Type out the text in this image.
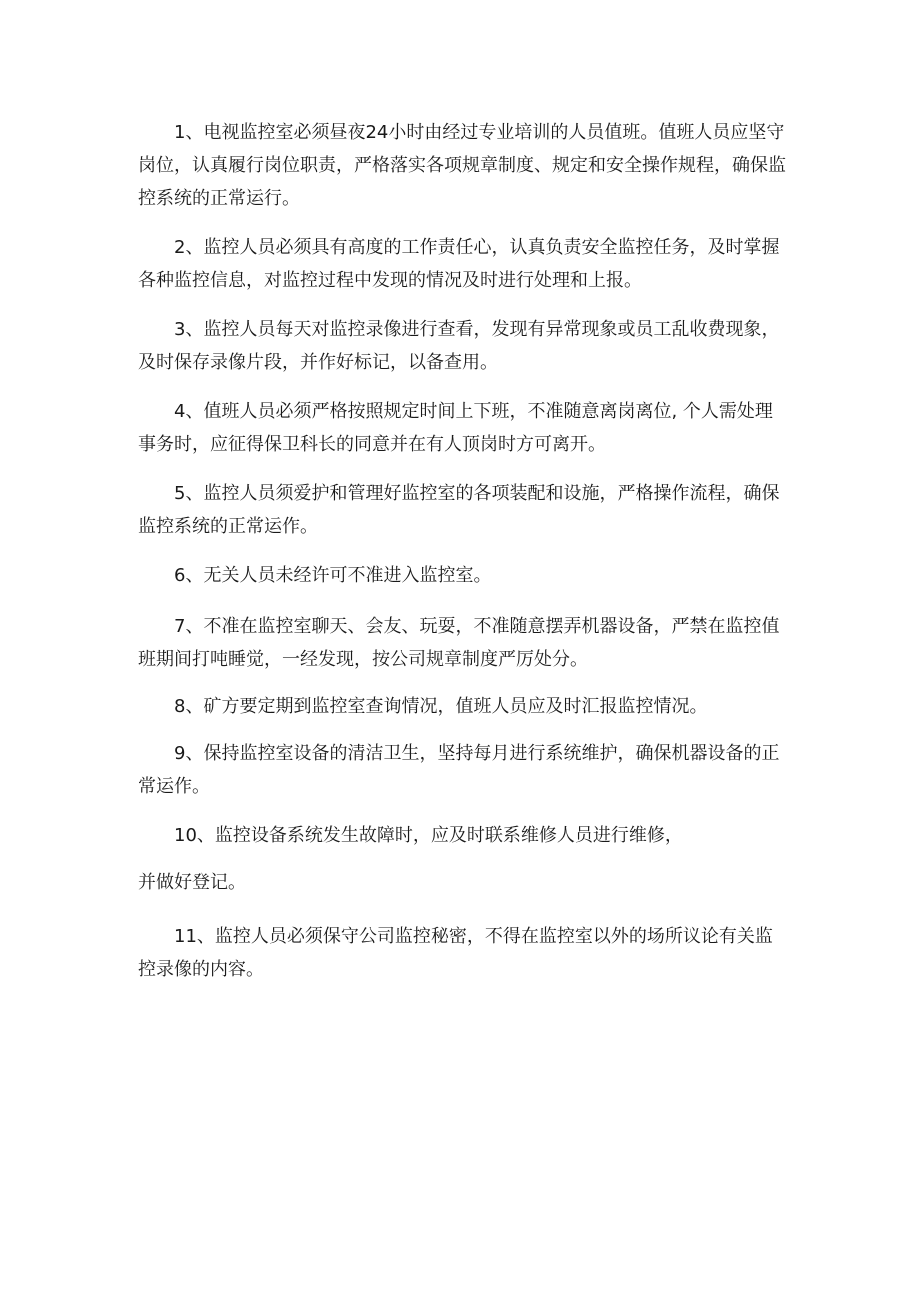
1、电视监控室必须昼夜24小时由经过专业培训的人员值班。值班人员应坚守岗位，认真履行岗位职责，严格落实各项规章制度、规定和安全操作规程，确保监控系统的正常运行。

2、监控人员必须具有高度的工作责任心，认真负责安全监控任务，及时掌握各种监控信息，对监控过程中发现的情况及时进行处理和上报。

3、监控人员每天对监控录像进行查看，发现有异常现象或员工乱收费现象，及时保存录像片段，并作好标记，以备查用。

4、值班人员必须严格按照规定时间上下班，不准随意离岗离位, 个人需处理事务时，应征得保卫科长的同意并在有人顶岗时方可离开。

5、监控人员须爱护和管理好监控室的各项装配和设施，严格操作流程，确保监控系统的正常运作。

6、无关人员未经许可不准进入监控室。

7、不准在监控室聊天、会友、玩耍，不准随意摆弄机器设备，严禁在监控值班期间打吨睡觉，一经发现，按公司规章制度严厉处分。

8、矿方要定期到监控室查询情况，值班人员应及时汇报监控情况。

9、保持监控室设备的清洁卫生，坚持每月进行系统维护，确保机器设备的正常运作。

10、监控设备系统发生故障时，应及时联系维修人员进行维修，

并做好登记。

11、监控人员必须保守公司监控秘密，不得在监控室以外的场所议论有关监控录像的内容。
